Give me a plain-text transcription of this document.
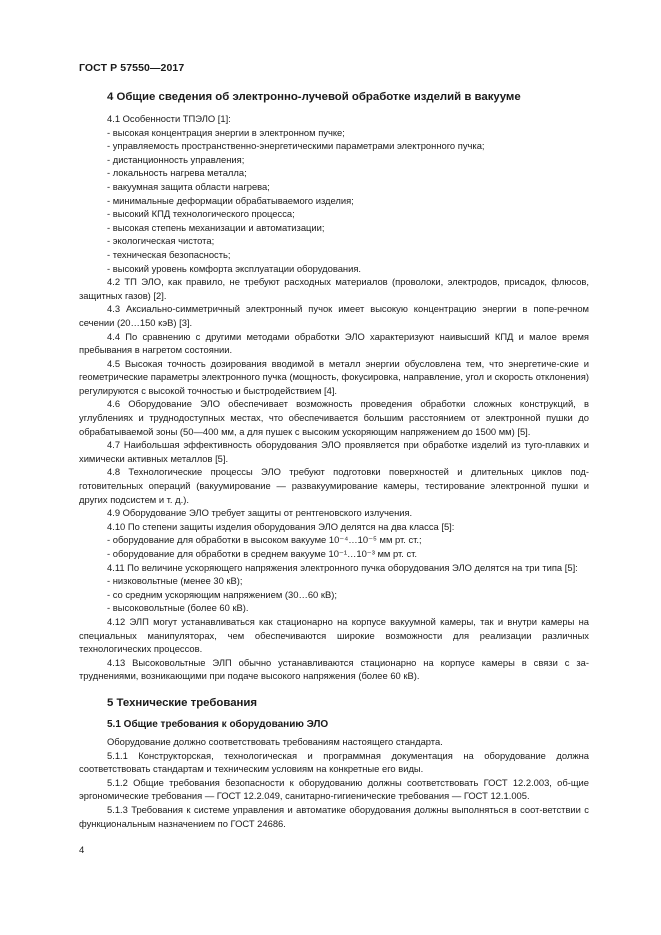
ГОСТ Р 57550—2017
4 Общие сведения об электронно-лучевой обработке изделий в вакууме

4.1 Особенности ТПЭЛО [1]:

- высокая концентрация энергии в электронном пучке;

- управляемость пространственно-энергетическими параметрами электронного пучка;

- дистанционность управления;

- локальность нагрева металла;

- вакуумная защита области нагрева;

- минимальные деформации обрабатываемого изделия;

- высокий КПД технологического процесса;

- высокая степень механизации и автоматизации;

- экологическая чистота;

- техническая безопасность;

- высокий уровень комфорта эксплуатации оборудования.

4.2 ТП ЭЛО, как правило, не требуют расходных материалов (проволоки, электродов, присадок, флюсов, защитных газов) [2].

4.3 Аксиально-симметричный электронный пучок имеет высокую концентрацию энергии в попе-речном сечении (20…150 кэВ) [3].

4.4 По сравнению с другими методами обработки ЭЛО характеризуют наивысший КПД и малое время пребывания в нагретом состоянии.

4.5 Высокая точность дозирования вводимой в металл энергии обусловлена тем, что энергетиче-ские и геометрические параметры электронного пучка (мощность, фокусировка, направление, угол и скорость отклонения) регулируются с высокой точностью и быстродействием [4].

4.6 Оборудование ЭЛО обеспечивает возможность проведения обработки сложных конструкций, в углублениях и труднодоступных местах, что обеспечивается большим расстоянием от электронной пушки до обрабатываемой зоны (50—400 мм, а для пушек с высоким ускоряющим напряжением до 1500 мм) [5].

4.7 Наибольшая эффективность оборудования ЭЛО проявляется при обработке изделий из туго-плавких и химически активных металлов [5].

4.8 Технологические процессы ЭЛО требуют подготовки поверхностей и длительных циклов под-готовительных операций (вакуумирование — развакуумирование камеры, тестирование электронной пушки и других подсистем и т. д.).

4.9 Оборудование ЭЛО требует защиты от рентгеновского излучения.

4.10 По степени защиты изделия оборудования ЭЛО делятся на два класса [5]:

- оборудование для обработки в высоком вакууме 10⁻⁴…10⁻⁵ мм рт. ст.;

- оборудование для обработки в среднем вакууме 10⁻¹…10⁻³ мм рт. ст.

4.11 По величине ускоряющего напряжения электронного пучка оборудования ЭЛО делятся на три типа [5]:

- низковольтные (менее 30 кВ);

- со средним ускоряющим напряжением (30…60 кВ);

- высоковольтные (более 60 кВ).

4.12 ЭЛП могут устанавливаться как стационарно на корпусе вакуумной камеры, так и внутри камеры на специальных манипуляторах, чем обеспечиваются широкие возможности для реализации различных технологических процессов.

4.13 Высоковольтные ЭЛП обычно устанавливаются стационарно на корпусе камеры в связи с за-труднениями, возникающими при подаче высокого напряжения (более 60 кВ).

5 Технические требования
5.1 Общие требования к оборудованию ЭЛО

Оборудование должно соответствовать требованиям настоящего стандарта.

5.1.1 Конструкторская, технологическая и программная документация на оборудование должна соответствовать стандартам и техническим условиям на конкретные его виды.

5.1.2 Общие требования безопасности к оборудованию должны соответствовать ГОСТ 12.2.003, об-щие эргономические требования — ГОСТ 12.2.049, санитарно-гигиенические требования — ГОСТ 12.1.005.

5.1.3 Требования к системе управления и автоматике оборудования должны выполняться в соот-ветствии с функциональным назначением по ГОСТ 24686.

4
